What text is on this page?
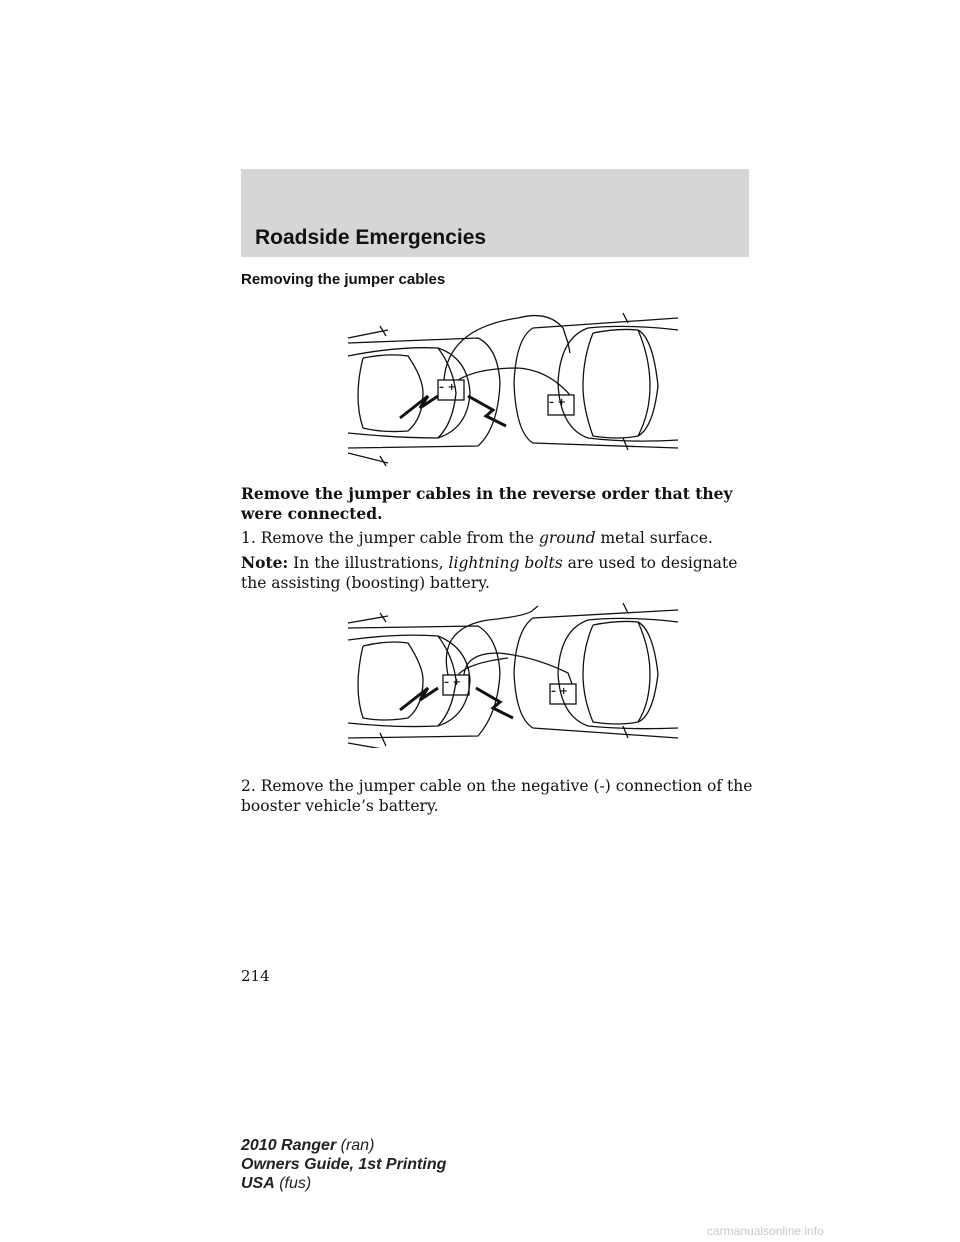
Roadside Emergencies
Removing the jumper cables
– +
– +
Remove the jumper cables in the reverse order that they were connected.
1. Remove the jumper cable from the ground metal surface.
Note: In the illustrations, lightning bolts are used to designate the assisting (boosting) battery.
– +
– +
2. Remove the jumper cable on the negative (-) connection of the booster vehicle’s battery.
214
2010 Ranger (ran)
Owners Guide, 1st Printing
USA (fus)
carmanualsonline.info
